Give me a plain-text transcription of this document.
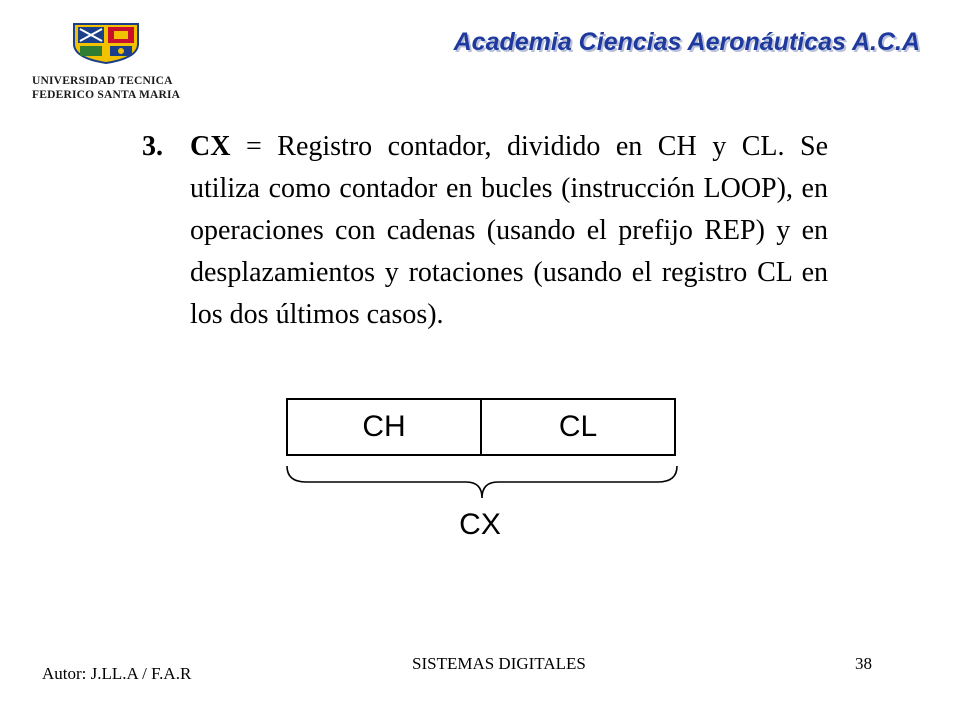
UNIVERSIDAD TECNICA
FEDERICO SANTA MARIA
Academia Ciencias Aeronáuticas A.C.A
3. CX = Registro contador, dividido en CH y CL. Se utiliza como contador en bucles (instrucción LOOP), en operaciones con cadenas (usando el prefijo REP) y en desplazamientos y rotaciones (usando el registro CL en los dos últimos casos).
CH	CL
CX
Autor: J.LL.A / F.A.R
SISTEMAS DIGITALES	38
